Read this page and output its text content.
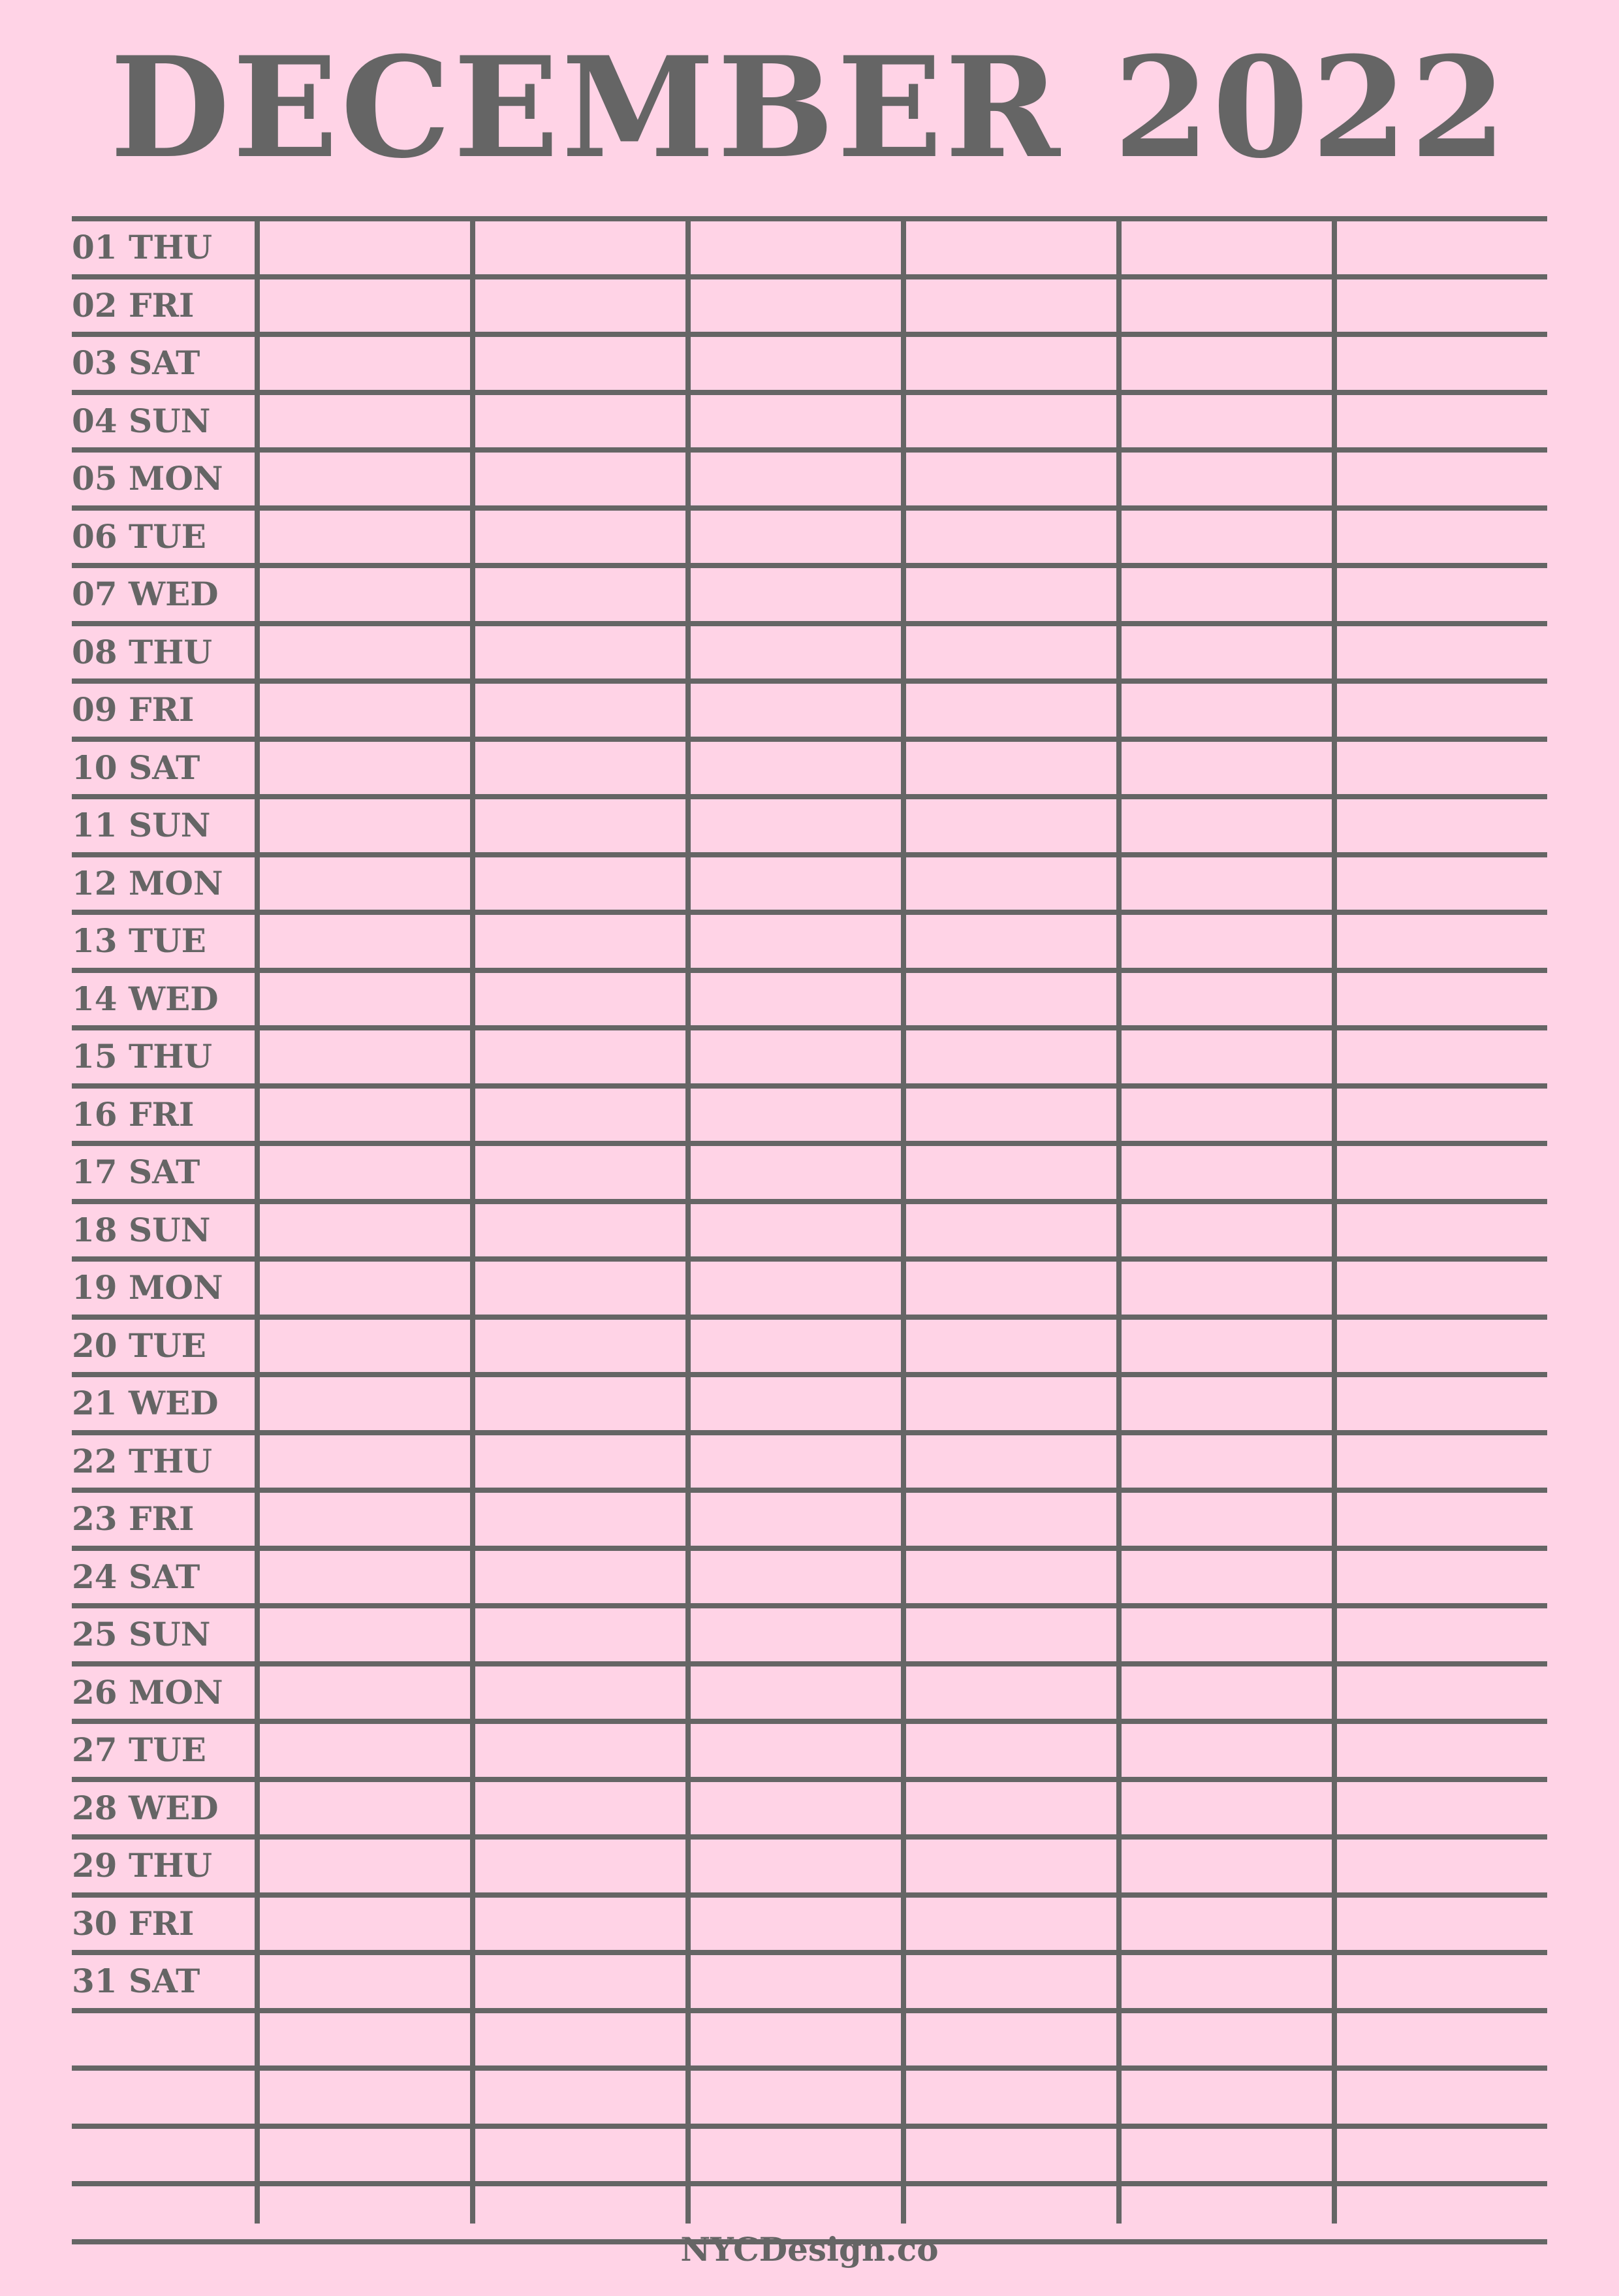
DECEMBER 2022
01 THU
02 FRI
03 SAT
04 SUN
05 MON
06 TUE
07 WED
08 THU
09 FRI
10 SAT
11 SUN
12 MON
13 TUE
14 WED
15 THU
16 FRI
17 SAT
18 SUN
19 MON
20 TUE
21 WED
22 THU
23 FRI
24 SAT
25 SUN
26 MON
27 TUE
28 WED
29 THU
30 FRI
31 SAT
NYCDesign.co
